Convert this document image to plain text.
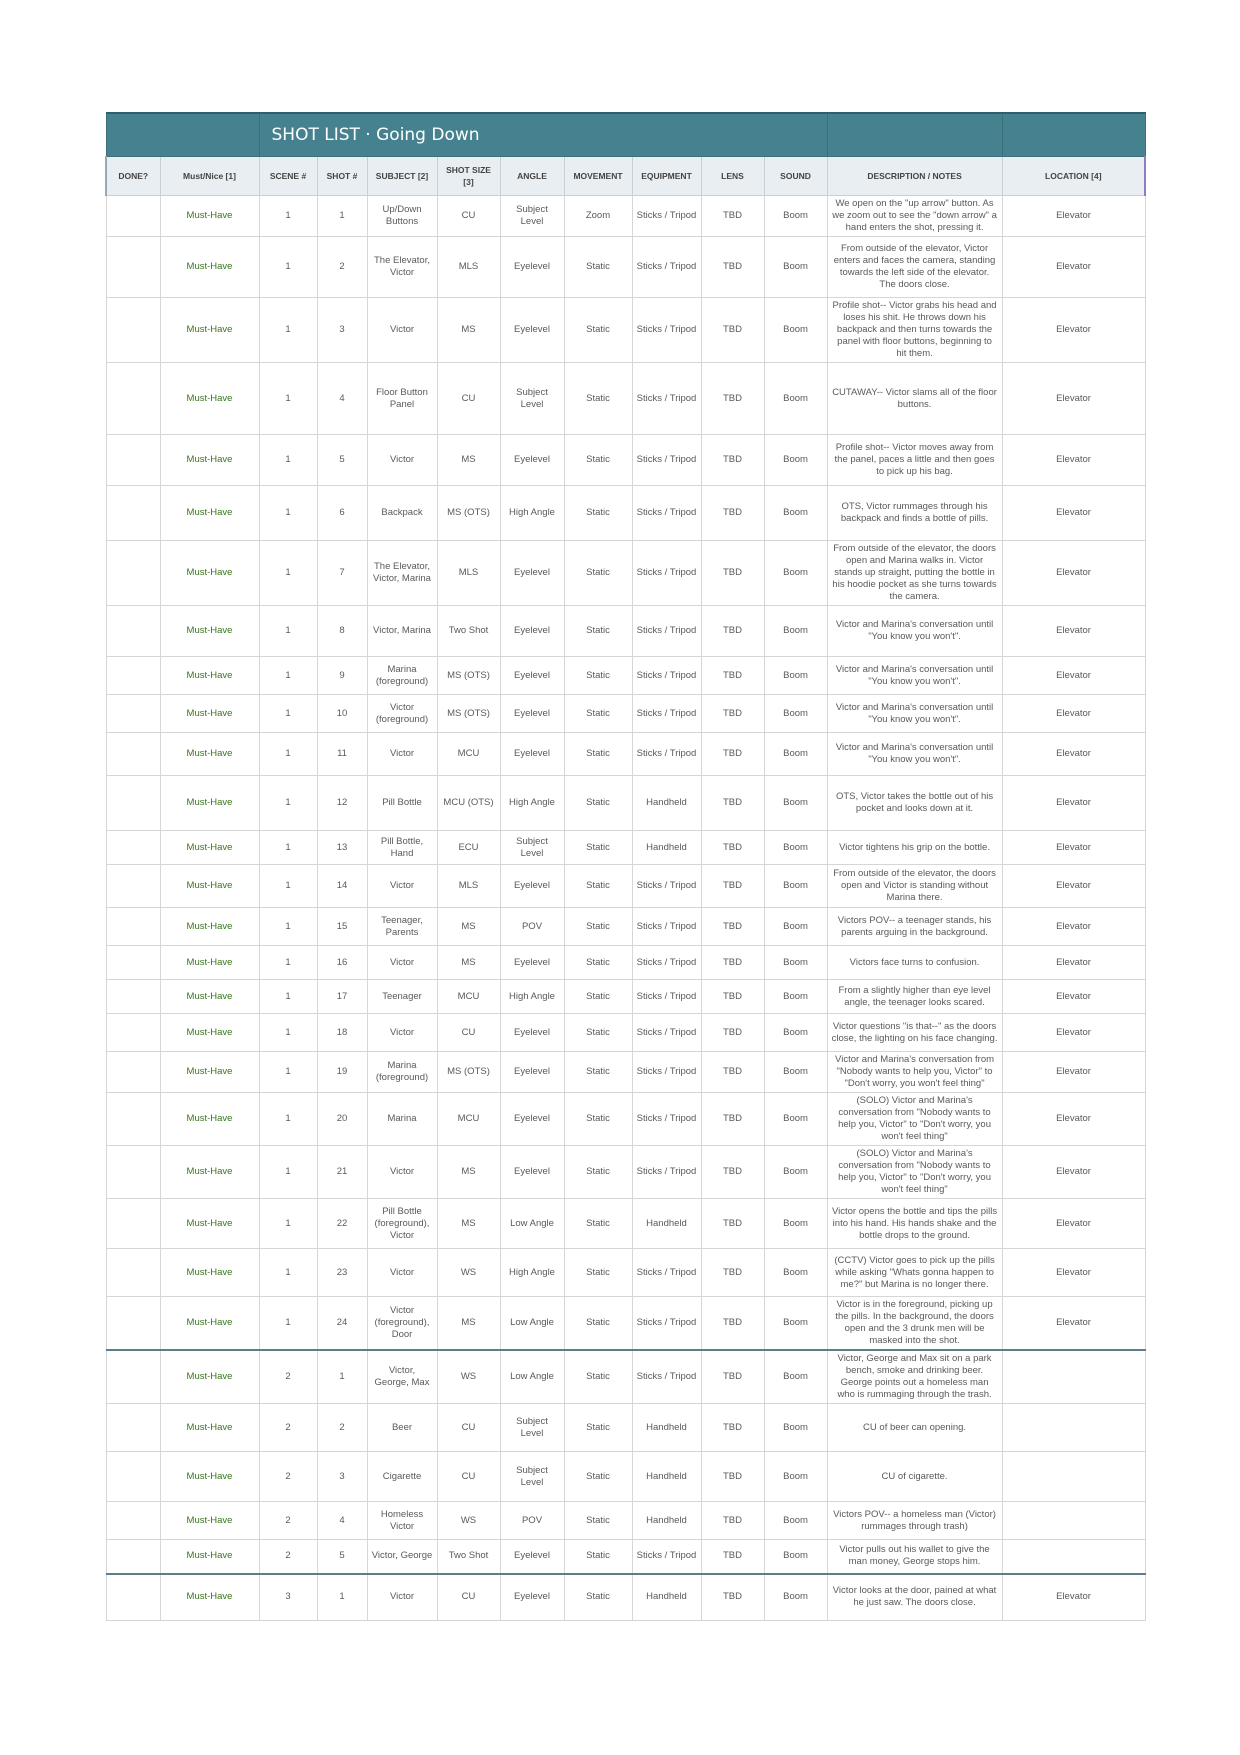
		SHOT LIST · Going Down										
DONE?	Must/Nice [1]	SCENE #	SHOT #	SUBJECT [2]	SHOT SIZE [3]	ANGLE	MOVEMENT	EQUIPMENT	LENS	SOUND	DESCRIPTION / NOTES	LOCATION [4]
	Must-Have	1	1	Up/Down Buttons	CU	Subject Level	Zoom	Sticks / Tripod	TBD	Boom	We open on the "up arrow" button. As we zoom out to see the "down arrow" a hand enters the shot, pressing it.	Elevator
	Must-Have	1	2	The Elevator, Victor	MLS	Eyelevel	Static	Sticks / Tripod	TBD	Boom	From outside of the elevator, Victor enters and faces the camera, standing towards the left side of the elevator. The doors close.	Elevator
	Must-Have	1	3	Victor	MS	Eyelevel	Static	Sticks / Tripod	TBD	Boom	Profile shot-- Victor grabs his head and loses his shit. He throws down his backpack and then turns towards the panel with floor buttons, beginning to hit them.	Elevator
	Must-Have	1	4	Floor Button Panel	CU	Subject Level	Static	Sticks / Tripod	TBD	Boom	CUTAWAY-- Victor slams all of the floor buttons.	Elevator
	Must-Have	1	5	Victor	MS	Eyelevel	Static	Sticks / Tripod	TBD	Boom	Profile shot-- Victor moves away from the panel, paces a little and then goes to pick up his bag.	Elevator
	Must-Have	1	6	Backpack	MS (OTS)	High Angle	Static	Sticks / Tripod	TBD	Boom	OTS, Victor rummages through his backpack and finds a bottle of pills.	Elevator
	Must-Have	1	7	The Elevator, Victor, Marina	MLS	Eyelevel	Static	Sticks / Tripod	TBD	Boom	From outside of the elevator, the doors open and Marina walks in. Victor stands up straight, putting the bottle in his hoodie pocket as she turns towards the camera.	Elevator
	Must-Have	1	8	Victor, Marina	Two Shot	Eyelevel	Static	Sticks / Tripod	TBD	Boom	Victor and Marina's conversation until "You know you won't".	Elevator
	Must-Have	1	9	Marina (foreground)	MS (OTS)	Eyelevel	Static	Sticks / Tripod	TBD	Boom	Victor and Marina's conversation until "You know you won't".	Elevator
	Must-Have	1	10	Victor (foreground)	MS (OTS)	Eyelevel	Static	Sticks / Tripod	TBD	Boom	Victor and Marina's conversation until "You know you won't".	Elevator
	Must-Have	1	11	Victor	MCU	Eyelevel	Static	Sticks / Tripod	TBD	Boom	Victor and Marina's conversation until "You know you won't".	Elevator
	Must-Have	1	12	Pill Bottle	MCU (OTS)	High Angle	Static	Handheld	TBD	Boom	OTS, Victor takes the bottle out of his pocket and looks down at it.	Elevator
	Must-Have	1	13	Pill Bottle, Hand	ECU	Subject Level	Static	Handheld	TBD	Boom	Victor tightens his grip on the bottle.	Elevator
	Must-Have	1	14	Victor	MLS	Eyelevel	Static	Sticks / Tripod	TBD	Boom	From outside of the elevator, the doors open and Victor is standing without Marina there.	Elevator
	Must-Have	1	15	Teenager, Parents	MS	POV	Static	Sticks / Tripod	TBD	Boom	Victors POV-- a teenager stands, his parents arguing in the background.	Elevator
	Must-Have	1	16	Victor	MS	Eyelevel	Static	Sticks / Tripod	TBD	Boom	Victors face turns to confusion.	Elevator
	Must-Have	1	17	Teenager	MCU	High Angle	Static	Sticks / Tripod	TBD	Boom	From a slightly higher than eye level angle, the teenager looks scared.	Elevator
	Must-Have	1	18	Victor	CU	Eyelevel	Static	Sticks / Tripod	TBD	Boom	Victor questions "is that--" as the doors close, the lighting on his face changing.	Elevator
	Must-Have	1	19	Marina (foreground)	MS (OTS)	Eyelevel	Static	Sticks / Tripod	TBD	Boom	Victor and Marina's conversation from "Nobody wants to help you, Victor" to "Don't worry, you won't feel thing"	Elevator
	Must-Have	1	20	Marina	MCU	Eyelevel	Static	Sticks / Tripod	TBD	Boom	(SOLO) Victor and Marina's conversation from "Nobody wants to help you, Victor" to "Don't worry, you won't feel thing"	Elevator
	Must-Have	1	21	Victor	MS	Eyelevel	Static	Sticks / Tripod	TBD	Boom	(SOLO) Victor and Marina's conversation from "Nobody wants to help you, Victor" to "Don't worry, you won't feel thing"	Elevator
	Must-Have	1	22	Pill Bottle (foreground), Victor	MS	Low Angle	Static	Handheld	TBD	Boom	Victor opens the bottle and tips the pills into his hand. His hands shake and the bottle drops to the ground.	Elevator
	Must-Have	1	23	Victor	WS	High Angle	Static	Sticks / Tripod	TBD	Boom	(CCTV) Victor goes to pick up the pills while asking "Whats gonna happen to me?" but Marina is no longer there.	Elevator
	Must-Have	1	24	Victor (foreground), Door	MS	Low Angle	Static	Sticks / Tripod	TBD	Boom	Victor is in the foreground, picking up the pills. In the background, the doors open and the 3 drunk men will be masked into the shot.	Elevator
	Must-Have	2	1	Victor, George, Max	WS	Low Angle	Static	Sticks / Tripod	TBD	Boom	Victor, George and Max sit on a park bench, smoke and drinking beer. George points out a homeless man who is rummaging through the trash.	
	Must-Have	2	2	Beer	CU	Subject Level	Static	Handheld	TBD	Boom	CU of beer can opening.	
	Must-Have	2	3	Cigarette	CU	Subject Level	Static	Handheld	TBD	Boom	CU of cigarette.	
	Must-Have	2	4	Homeless Victor	WS	POV	Static	Handheld	TBD	Boom	Victors POV-- a homeless man (Victor) rummages through trash)	
	Must-Have	2	5	Victor, George	Two Shot	Eyelevel	Static	Sticks / Tripod	TBD	Boom	Victor pulls out his wallet to give the man money, George stops him.	
	Must-Have	3	1	Victor	CU	Eyelevel	Static	Handheld	TBD	Boom	Victor looks at the door, pained at what he just saw. The doors close.	Elevator
